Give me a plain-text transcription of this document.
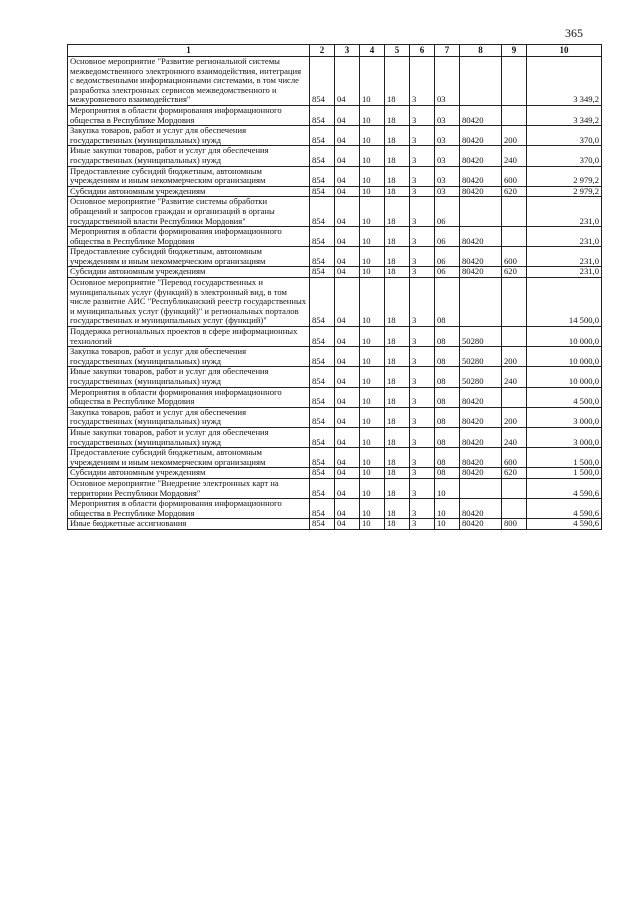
365
1	2	3	4	5	6	7	8	9	10
Основное мероприятие "Развитие региональной системы межведомственного электронного взаимодействия, интеграция с ведомственными информационными системами, в том числе разработка электронных сервисов межведомственного и межуровневого взаимодействия"	854	04	10	18	3	03			3 349,2
Мероприятия в области формирования информационного общества в Республике Мордовия	854	04	10	18	3	03	80420		3 349,2
Закупка товаров, работ и услуг для обеспечения государственных (муниципальных) нужд	854	04	10	18	3	03	80420	200	370,0
Иные закупки товаров, работ и услуг для обеспечения государственных (муниципальных) нужд	854	04	10	18	3	03	80420	240	370,0
Предоставление субсидий бюджетным, автономным учреждениям и иным некоммерческим организациям	854	04	10	18	3	03	80420	600	2 979,2
Субсидии автономным учреждениям	854	04	10	18	3	03	80420	620	2 979,2
Основное мероприятие "Развитие системы обработки обращений и запросов граждан и организаций в органы государственной власти Республики Мордовия"	854	04	10	18	3	06			231,0
Мероприятия в области формирования информационного общества в Республике Мордовия	854	04	10	18	3	06	80420		231,0
Предоставление субсидий бюджетным, автономным учреждениям и иным некоммерческим организациям	854	04	10	18	3	06	80420	600	231,0
Субсидии автономным учреждениям	854	04	10	18	3	06	80420	620	231,0
Основное мероприятие "Перевод государственных и муниципальных услуг (функций) в электронный вид, в том числе развитие АИС "Республиканский реестр государственных и муниципальных услуг (функций)" и региональных порталов государственных и муниципальных услуг (функций)"	854	04	10	18	3	08			14 500,0
Поддержка региональных проектов в сфере информационных технологий	854	04	10	18	3	08	50280		10 000,0
Закупка товаров, работ и услуг для обеспечения государственных (муниципальных) нужд	854	04	10	18	3	08	50280	200	10 000,0
Иные закупки товаров, работ и услуг для обеспечения государственных (муниципальных) нужд	854	04	10	18	3	08	50280	240	10 000,0
Мероприятия в области формирования информационного общества в Республике Мордовия	854	04	10	18	3	08	80420		4 500,0
Закупка товаров, работ и услуг для обеспечения государственных (муниципальных) нужд	854	04	10	18	3	08	80420	200	3 000,0
Иные закупки товаров, работ и услуг для обеспечения государственных (муниципальных) нужд	854	04	10	18	3	08	80420	240	3 000,0
Предоставление субсидий бюджетным, автономным учреждениям и иным некоммерческим организациям	854	04	10	18	3	08	80420	600	1 500,0
Субсидии автономным учреждениям	854	04	10	18	3	08	80420	620	1 500,0
Основное мероприятие "Внедрение электронных карт на территории Республики Мордовия"	854	04	10	18	3	10			4 590,6
Мероприятия в области формирования информационного общества в Республике Мордовия	854	04	10	18	3	10	80420		4 590,6
Иные бюджетные ассигнования	854	04	10	18	3	10	80420	800	4 590,6
